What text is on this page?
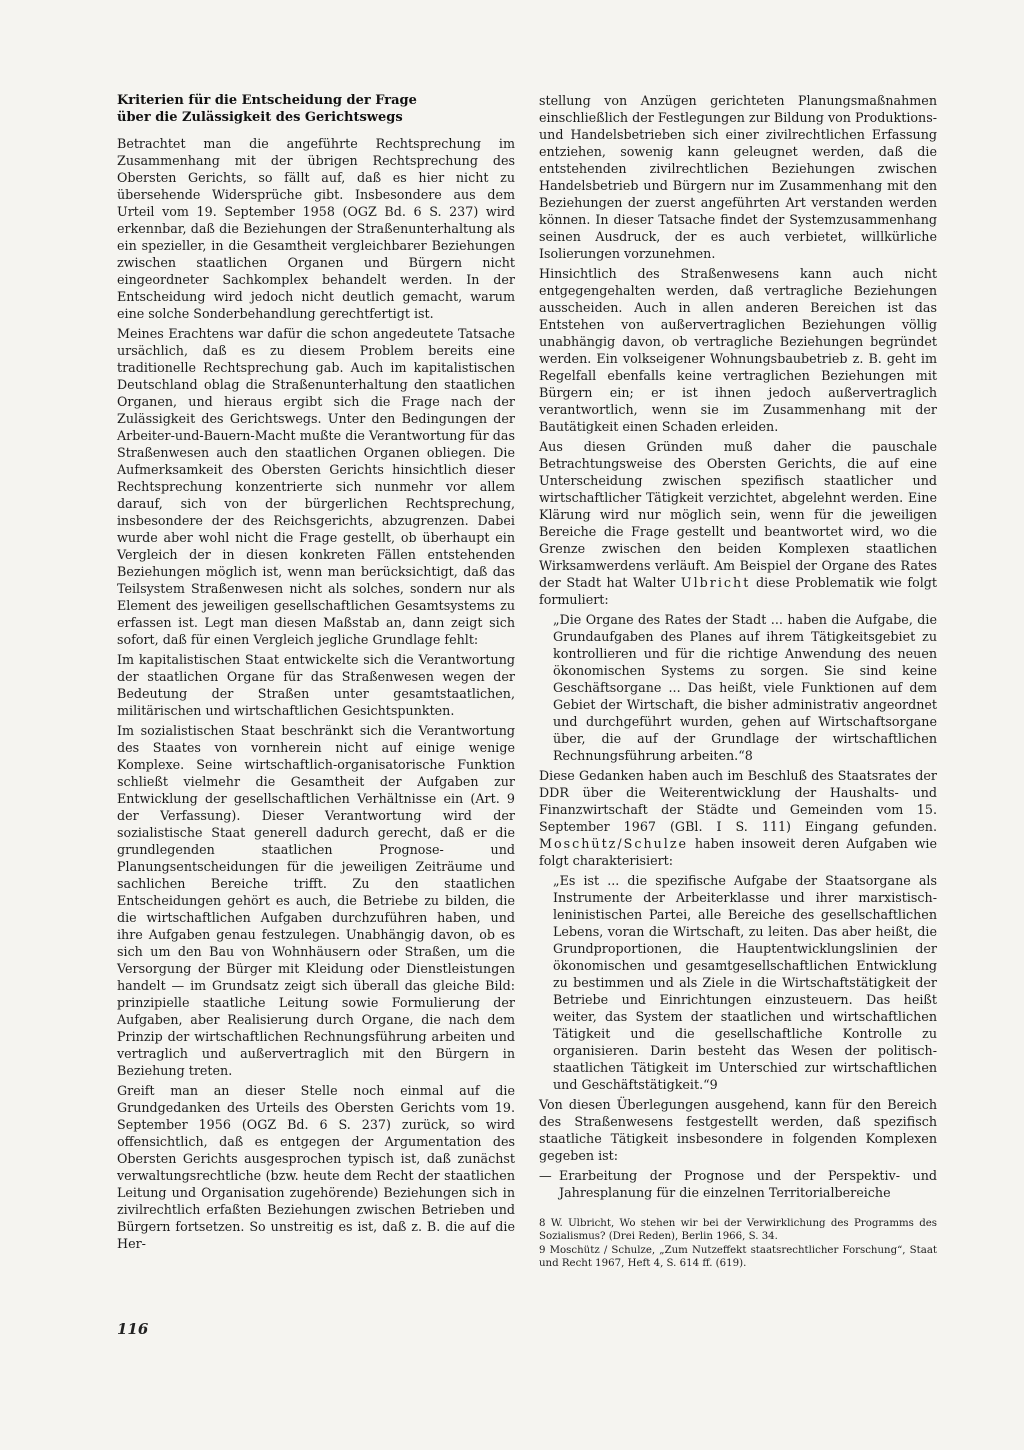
Kriterien für die Entscheidung der Frage
über die Zulässigkeit des Gerichtswegs

Betrachtet man die angeführte Rechtsprechung im Zusammenhang mit der übrigen Rechtsprechung des Obersten Gerichts, so fällt auf, daß es hier nicht zu übersehende Widersprüche gibt. Insbesondere aus dem Urteil vom 19. September 1958 (OGZ Bd. 6 S. 237) wird erkennbar, daß die Beziehungen der Straßenunterhaltung als ein spezieller, in die Gesamtheit vergleichbarer Beziehungen zwischen staatlichen Organen und Bürgern nicht eingeordneter Sachkomplex behandelt werden. In der Entscheidung wird jedoch nicht deutlich gemacht, warum eine solche Sonderbehandlung gerechtfertigt ist.

Meines Erachtens war dafür die schon angedeutete Tatsache ursächlich, daß es zu diesem Problem bereits eine traditionelle Rechtsprechung gab. Auch im kapitalistischen Deutschland oblag die Straßenunterhaltung den staatlichen Organen, und hieraus ergibt sich die Frage nach der Zulässigkeit des Gerichtswegs. Unter den Bedingungen der Arbeiter-und-Bauern-Macht mußte die Verantwortung für das Straßenwesen auch den staatlichen Organen obliegen. Die Aufmerksamkeit des Obersten Gerichts hinsichtlich dieser Rechtsprechung konzentrierte sich nunmehr vor allem darauf, sich von der bürgerlichen Rechtsprechung, insbesondere der des Reichsgerichts, abzugrenzen. Dabei wurde aber wohl nicht die Frage gestellt, ob überhaupt ein Vergleich der in diesen konkreten Fällen entstehenden Beziehungen möglich ist, wenn man berücksichtigt, daß das Teilsystem Straßenwesen nicht als solches, sondern nur als Element des jeweiligen gesellschaftlichen Gesamtsystems zu erfassen ist. Legt man diesen Maßstab an, dann zeigt sich sofort, daß für einen Vergleich jegliche Grundlage fehlt:

Im kapitalistischen Staat entwickelte sich die Verantwortung der staatlichen Organe für das Straßenwesen wegen der Bedeutung der Straßen unter gesamtstaatlichen, militärischen und wirtschaftlichen Gesichtspunkten.

Im sozialistischen Staat beschränkt sich die Verantwortung des Staates von vornherein nicht auf einige wenige Komplexe. Seine wirtschaftlich-organisatorische Funktion schließt vielmehr die Gesamtheit der Aufgaben zur Entwicklung der gesellschaftlichen Verhältnisse ein (Art. 9 der Verfassung). Dieser Verantwortung wird der sozialistische Staat generell dadurch gerecht, daß er die grundlegenden staatlichen Prognose- und Planungsentscheidungen für die jeweiligen Zeiträume und sachlichen Bereiche trifft. Zu den staatlichen Entscheidungen gehört es auch, die Betriebe zu bilden, die die wirtschaftlichen Aufgaben durchzuführen haben, und ihre Aufgaben genau festzulegen. Unabhängig davon, ob es sich um den Bau von Wohnhäusern oder Straßen, um die Versorgung der Bürger mit Kleidung oder Dienstleistungen handelt — im Grundsatz zeigt sich überall das gleiche Bild: prinzipielle staatliche Leitung sowie Formulierung der Aufgaben, aber Realisierung durch Organe, die nach dem Prinzip der wirtschaftlichen Rechnungsführung arbeiten und vertraglich und außervertraglich mit den Bürgern in Beziehung treten.

Greift man an dieser Stelle noch einmal auf die Grundgedanken des Urteils des Obersten Gerichts vom 19. September 1956 (OGZ Bd. 6 S. 237) zurück, so wird offensichtlich, daß es entgegen der Argumentation des Obersten Gerichts ausgesprochen typisch ist, daß zunächst verwaltungsrechtliche (bzw. heute dem Recht der staatlichen Leitung und Organisation zugehörende) Beziehungen sich in zivilrechtlich erfaßten Beziehungen zwischen Betrieben und Bürgern fortsetzen. So unstreitig es ist, daß z. B. die auf die Her-

stellung von Anzügen gerichteten Planungsmaßnahmen einschließlich der Festlegungen zur Bildung von Produktions- und Handelsbetrieben sich einer zivilrechtlichen Erfassung entziehen, sowenig kann geleugnet werden, daß die entstehenden zivilrechtlichen Beziehungen zwischen Handelsbetrieb und Bürgern nur im Zusammenhang mit den Beziehungen der zuerst angeführten Art verstanden werden können. In dieser Tatsache findet der Systemzusammenhang seinen Ausdruck, der es auch verbietet, willkürliche Isolierungen vorzunehmen.

Hinsichtlich des Straßenwesens kann auch nicht entgegengehalten werden, daß vertragliche Beziehungen ausscheiden. Auch in allen anderen Bereichen ist das Entstehen von außervertraglichen Beziehungen völlig unabhängig davon, ob vertragliche Beziehungen begründet werden. Ein volkseigener Wohnungsbaubetrieb z. B. geht im Regelfall ebenfalls keine vertraglichen Beziehungen mit Bürgern ein; er ist ihnen jedoch außervertraglich verantwortlich, wenn sie im Zusammenhang mit der Bautätigkeit einen Schaden erleiden.

Aus diesen Gründen muß daher die pauschale Betrachtungsweise des Obersten Gerichts, die auf eine Unterscheidung zwischen spezifisch staatlicher und wirtschaftlicher Tätigkeit verzichtet, abgelehnt werden. Eine Klärung wird nur möglich sein, wenn für die jeweiligen Bereiche die Frage gestellt und beantwortet wird, wo die Grenze zwischen den beiden Komplexen staatlichen Wirksamwerdens verläuft. Am Beispiel der Organe des Rates der Stadt hat Walter Ulbricht diese Problematik wie folgt formuliert:

„Die Organe des Rates der Stadt ... haben die Aufgabe, die Grundaufgaben des Planes auf ihrem Tätigkeitsgebiet zu kontrollieren und für die richtige Anwendung des neuen ökonomischen Systems zu sorgen. Sie sind keine Geschäftsorgane ... Das heißt, viele Funktionen auf dem Gebiet der Wirtschaft, die bisher administrativ angeordnet und durchgeführt wurden, gehen auf Wirtschaftsorgane über, die auf der Grundlage der wirtschaftlichen Rechnungsführung arbeiten.“8

Diese Gedanken haben auch im Beschluß des Staatsrates der DDR über die Weiterentwicklung der Haushalts- und Finanzwirtschaft der Städte und Gemeinden vom 15. September 1967 (GBl. I S. 111) Eingang gefunden. Moschütz/Schulze haben insoweit deren Aufgaben wie folgt charakterisiert:

„Es ist ... die spezifische Aufgabe der Staatsorgane als Instrumente der Arbeiterklasse und ihrer marxistisch-leninistischen Partei, alle Bereiche des gesellschaftlichen Lebens, voran die Wirtschaft, zu leiten. Das aber heißt, die Grundproportionen, die Hauptentwicklungslinien der ökonomischen und gesamtgesellschaftlichen Entwicklung zu bestimmen und als Ziele in die Wirtschaftstätigkeit der Betriebe und Einrichtungen einzusteuern. Das heißt weiter, das System der staatlichen und wirtschaftlichen Tätigkeit und die gesellschaftliche Kontrolle zu organisieren. Darin besteht das Wesen der politisch-staatlichen Tätigkeit im Unterschied zur wirtschaftlichen und Geschäftstätigkeit.“9

Von diesen Überlegungen ausgehend, kann für den Bereich des Straßenwesens festgestellt werden, daß spezifisch staatliche Tätigkeit insbesondere in folgenden Komplexen gegeben ist:

— Erarbeitung der Prognose und der Perspektiv- und Jahresplanung für die einzelnen Territorialbereiche
8 W. Ulbricht, Wo stehen wir bei der Verwirklichung des Programms des Sozialismus? (Drei Reden), Berlin 1966, S. 34.
9 Moschütz / Schulze, „Zum Nutzeffekt staatsrechtlicher Forschung“, Staat und Recht 1967, Heft 4, S. 614 ff. (619).
116
